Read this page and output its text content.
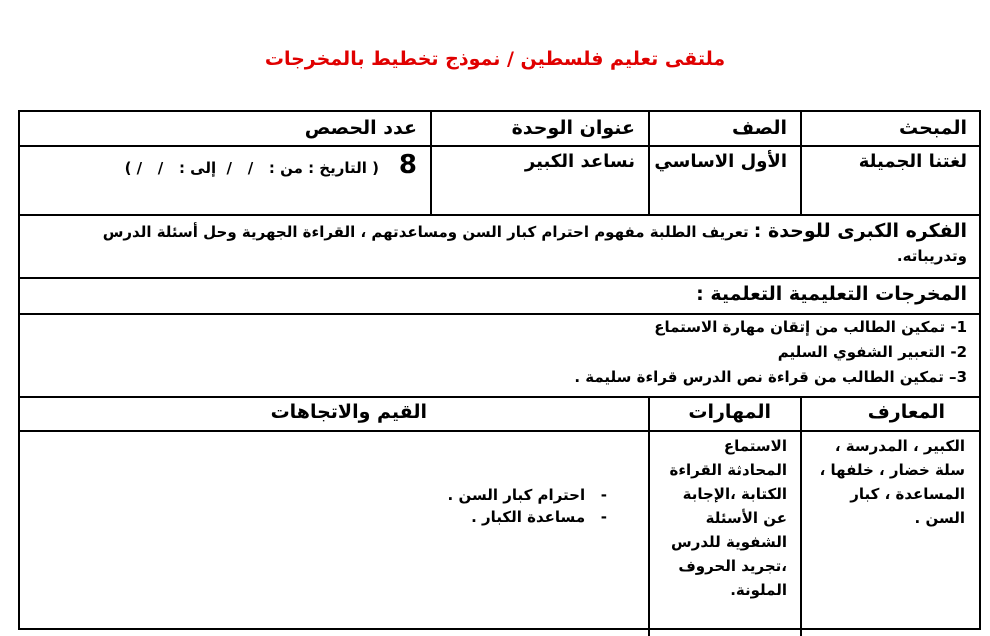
ملتقى تعليم فلسطين / نموذج تخطيط بالمخرجات
المبحث
الصف
عنوان الوحدة
عدد الحصص
لغتنا الجميلة
الأول الاساسي
نساعد الكبير
8
( التاريخ : من :   /   /  إلى :   /   / )
الفكره الكبرى للوحدة : تعريف الطلبة مفهوم احترام كبار السن ومساعدتهم ، القراءة الجهرية وحل أسئلة الدرس وتدريباته.
المخرجات التعليمية التعلمية :
1- تمكين الطالب من إتقان مهارة الاستماع
2- التعبير الشفوي السليم
3– تمكين الطالب من قراءة نص الدرس قراءة سليمة .
المعارف
المهارات
القيم والاتجاهات
الكبير ، المدرسة ، سلة خضار ، خلفها ، المساعدة ، كبار السن .
الاستماع المحادثة القراءة الكتابة ،الإجابة عن الأسئلة الشفوية للدرس ،تجريد الحروف الملونة.
-   احترام كبار السن .
-   مساعدة الكبار .
